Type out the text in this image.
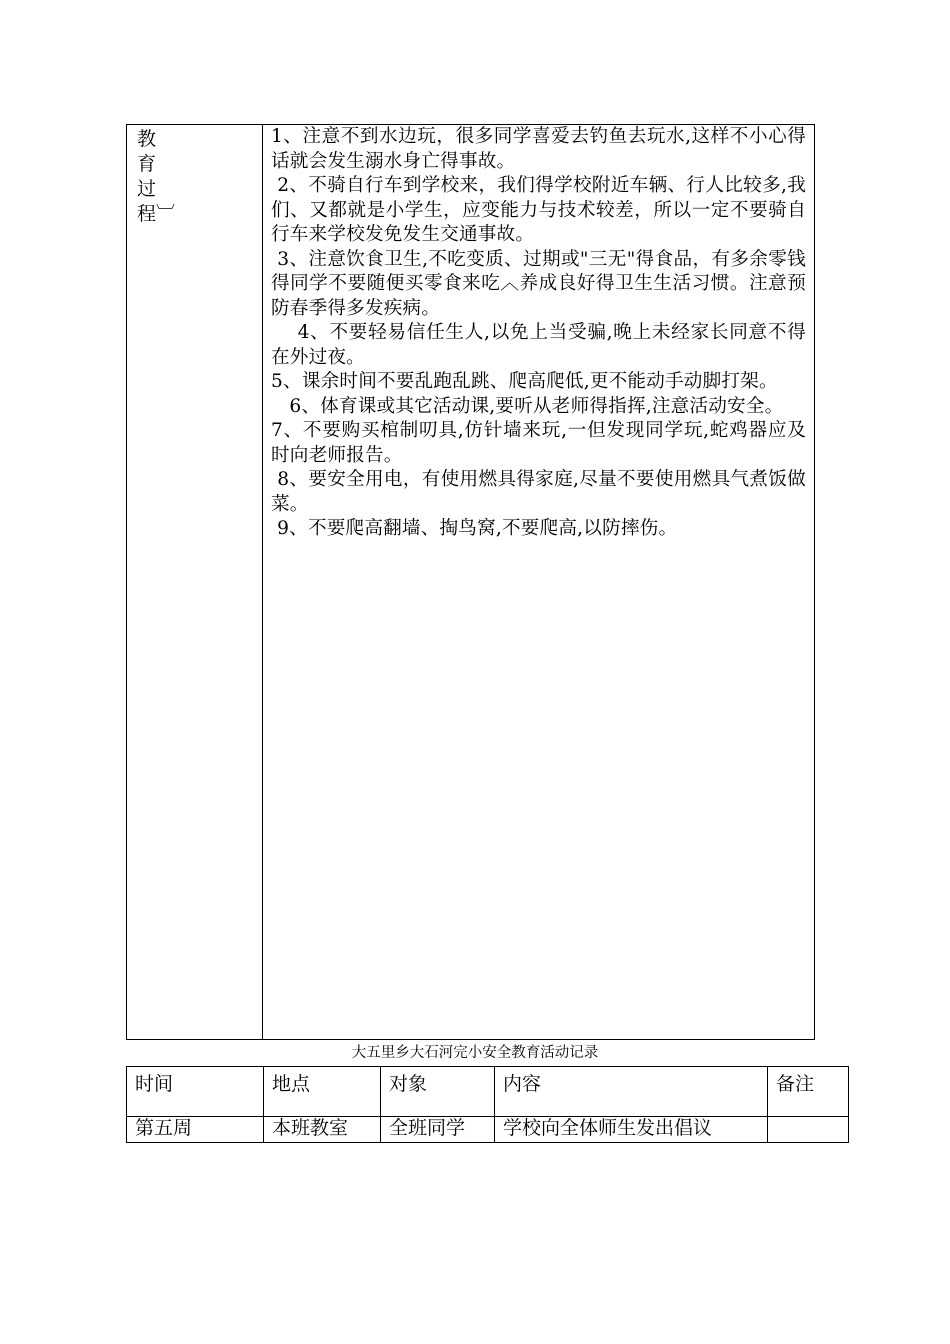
教
育
过
程︺

1、注意不到水边玩，很多同学喜爱去钓鱼去玩水,这样不小心得话就会发生溺水身亡得事故。

2、不骑自行车到学校来，我们得学校附近车辆、行人比较多,我们、又都就是小学生，应变能力与技术较差，所以一定不要骑自行车来学校发免发生交通事故。

3、注意饮食卫生,不吃变质、过期或"三无"得食品，有多余零钱得同学不要随便买零食来吃︿养成良好得卫生生活习惯。注意预防春季得多发疾病。

4、不要轻易信任生人,以免上当受骗,晚上未经家长同意不得在外过夜。

5、课余时间不要乱跑乱跳、爬高爬低,更不能动手动脚打架。

6、体育课或其它活动课,要听从老师得指挥,注意活动安全。

7、不要购买棺制叨具,仿针墙来玩,一但发现同学玩,蛇鸡器应及时向老师报告。

8、要安全用电，有使用燃具得家庭,尽量不要使用燃具气煮饭做菜。

9、不要爬高翻墙、掏鸟窝,不要爬高,以防摔伤。

大五里乡大石河完小安全教育活动记录
时间	地点	对象	内容	备注
第五周	本班教室	全班同学	学校向全体师生发出倡议	
